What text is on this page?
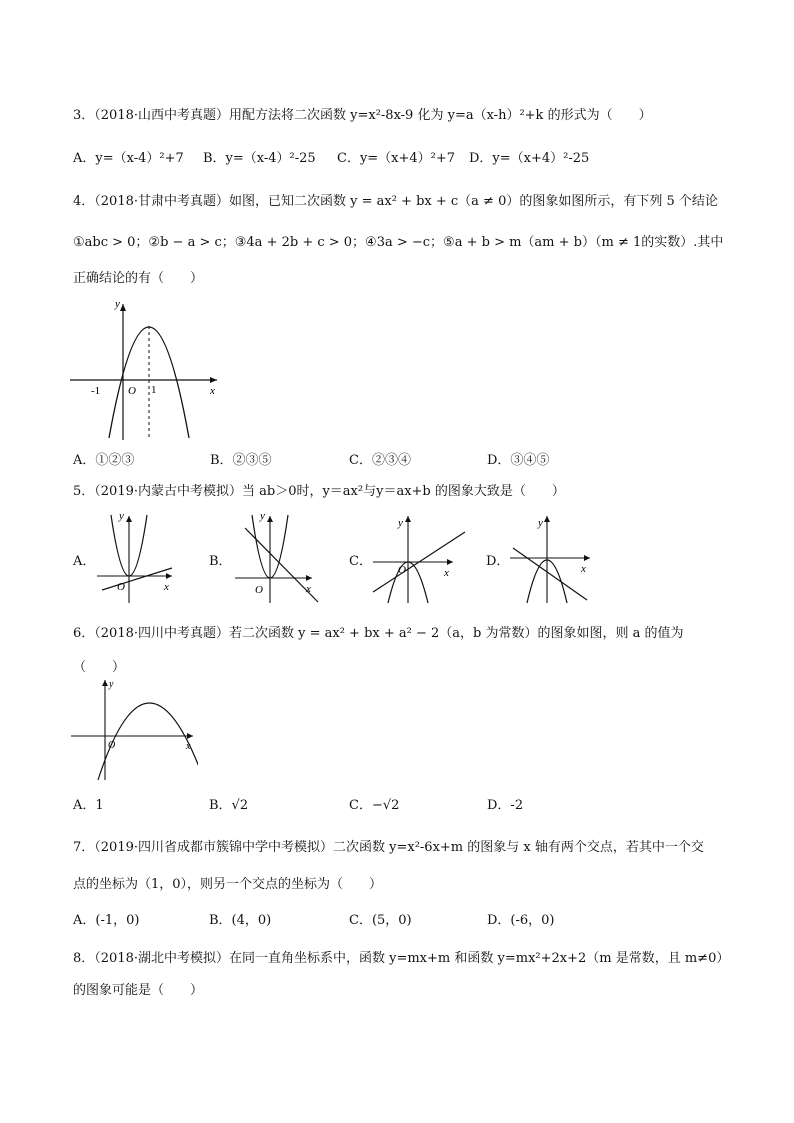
3．（2018·山西中考真题）用配方法将二次函数 y=x²-8x-9 化为 y=a（x-h）²+k 的形式为（　　）
A．y=（x-4）²+7 B．y=（x-4）²-25 C．y=（x+4）²+7 D．y=（x+4）²-25
4．（2018·甘肃中考真题）如图，已知二次函数 y = ax² + bx + c（a ≠ 0）的图象如图所示，有下列 5 个结论
①abc > 0；②b − a > c；③4a + 2b + c > 0；④3a > −c；⑤a + b > m（am + b）（m ≠ 1的实数）.其中
正确结论的有（　　）
y
x
-1	O 1
A．①②③	B．②③⑤	C．②③④	D．③④⑤
5．（2019·内蒙古中考模拟）当 ab＞0时，y＝ax²与y＝ax+b 的图象大致是（　　）
A．
y
x
O
B．
y
x
O
C．
y
x
O
D．
y
x
6．（2018·四川中考真题）若二次函数 y = ax² + bx + a² − 2（a，b 为常数）的图象如图，则 a 的值为
（　　）
y
x
O
A．1	B．√2	C．−√2	D．-2
7．（2019·四川省成都市簇锦中学中考模拟）二次函数 y=x²-6x+m 的图象与 x 轴有两个交点，若其中一个交
点的坐标为（1，0），则另一个交点的坐标为（　　）
A．(-1，0)	B．(4，0)	C．(5，0)	D．(-6，0)
8．（2018·湖北中考模拟）在同一直角坐标系中，函数 y=mx+m 和函数 y=mx²+2x+2（m 是常数，且 m≠0）
的图象可能是（　　）
